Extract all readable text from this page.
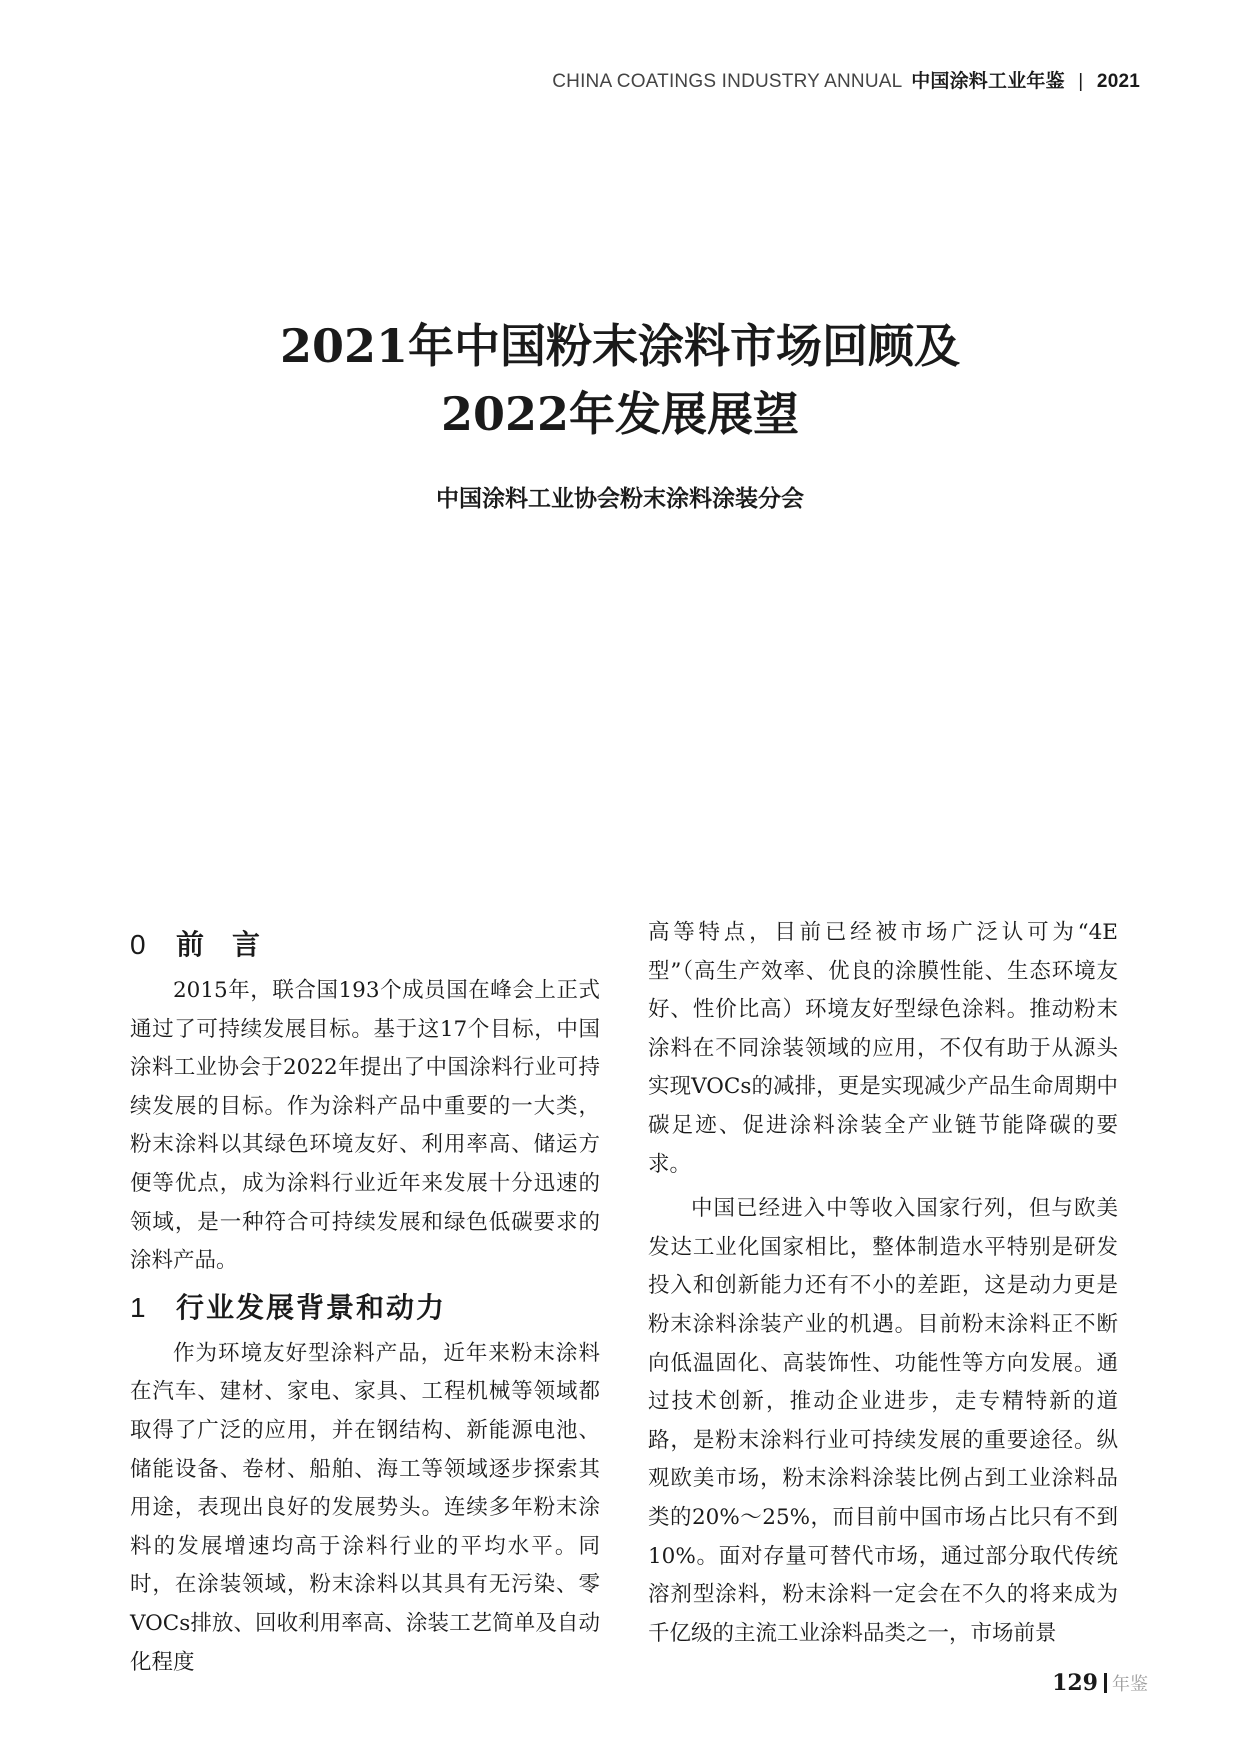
CHINA COATINGS INDUSTRY ANNUAL 中国涂料工业年鉴 | 2021
2021年中国粉末涂料市场回顾及
2022年发展展望
中国涂料工业协会粉末涂料涂装分会
0 前言

2015年，联合国193个成员国在峰会上正式通过了可持续发展目标。基于这17个目标，中国涂料工业协会于2022年提出了中国涂料行业可持续发展的目标。作为涂料产品中重要的一大类，粉末涂料以其绿色环境友好、利用率高、储运方便等优点，成为涂料行业近年来发展十分迅速的领域，是一种符合可持续发展和绿色低碳要求的涂料产品。

1 行业发展背景和动力

作为环境友好型涂料产品，近年来粉末涂料在汽车、建材、家电、家具、工程机械等领域都取得了广泛的应用，并在钢结构、新能源电池、储能设备、卷材、船舶、海工等领域逐步探索其用途，表现出良好的发展势头。连续多年粉末涂料的发展增速均高于涂料行业的平均水平。同时，在涂装领域，粉末涂料以其具有无污染、零VOCs排放、回收利用率高、涂装工艺简单及自动化程度

高等特点，目前已经被市场广泛认可为“4E型”（高生产效率、优良的涂膜性能、生态环境友好、性价比高）环境友好型绿色涂料。推动粉末涂料在不同涂装领域的应用，不仅有助于从源头实现VOCs的减排，更是实现减少产品生命周期中碳足迹、促进涂料涂装全产业链节能降碳的要求。

中国已经进入中等收入国家行列，但与欧美发达工业化国家相比，整体制造水平特别是研发投入和创新能力还有不小的差距，这是动力更是粉末涂料涂装产业的机遇。目前粉末涂料正不断向低温固化、高装饰性、功能性等方向发展。通过技术创新，推动企业进步，走专精特新的道路，是粉末涂料行业可持续发展的重要途径。纵观欧美市场，粉末涂料涂装比例占到工业涂料品类的20%～25%，而目前中国市场占比只有不到10%。面对存量可替代市场，通过部分取代传统溶剂型涂料，粉末涂料一定会在不久的将来成为千亿级的主流工业涂料品类之一，市场前景

129 年鉴
